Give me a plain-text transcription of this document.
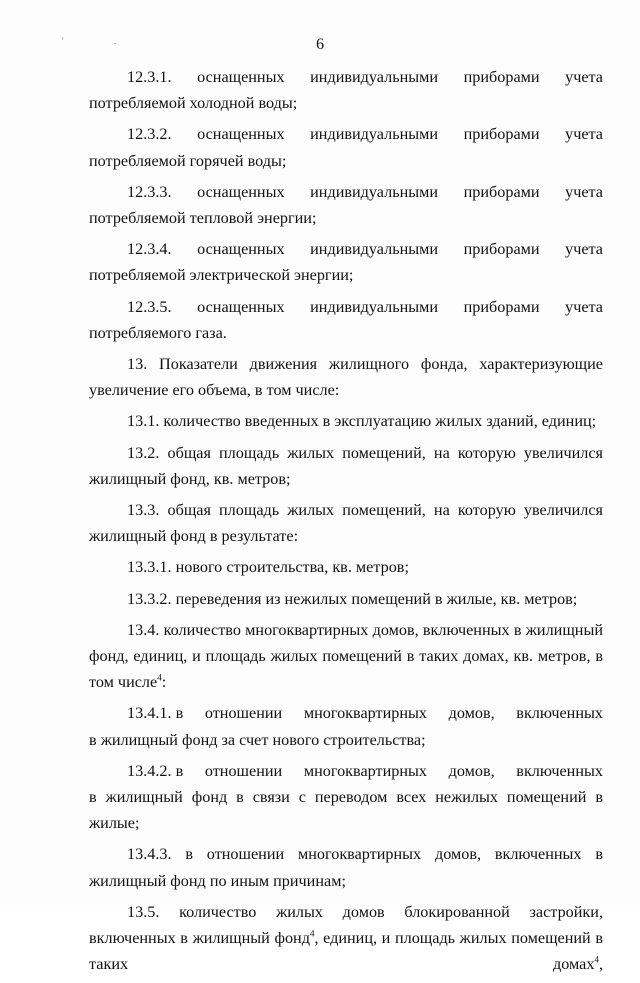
' .	6

12.3.1. оснащенных индивидуальными приборами учета потребляемой холодной воды;

12.3.2. оснащенных индивидуальными приборами учета потребляемой горячей воды;

12.3.3. оснащенных индивидуальными приборами учета потребляемой тепловой энергии;

12.3.4. оснащенных индивидуальными приборами учета потребляемой электрической энергии;

12.3.5. оснащенных индивидуальными приборами учета потребляемого газа.

13. Показатели движения жилищного фонда, характеризующие увеличение его объема, в том числе:

13.1. количество введенных в эксплуатацию жилых зданий, единиц;

13.2. общая площадь жилых помещений, на которую увеличился жилищный фонд, кв. метров;

13.3. общая площадь жилых помещений, на которую увеличился жилищный фонд в результате:

13.3.1. нового строительства, кв. метров;

13.3.2. переведения из нежилых помещений в жилые, кв. метров;

13.4. количество многоквартирных домов, включенных в жилищный фонд, единиц, и площадь жилых помещений в таких домах, кв. метров, в том числе$^4$:

13.4.1. в отношении многоквартирных домов, включенных
в жилищный фонд за счет нового строительства;
13.4.2. в отношении многоквартирных домов, включенных
в жилищный фонд в связи с переводом всех нежилых помещений в жилые;

13.4.3. в отношении многоквартирных домов, включенных в жилищный фонд по иным причинам;

13.5. количество жилых домов блокированной застройки, включенных в жилищный фонд$^4$, единиц, и площадь жилых помещений в таких домах$^4$,
